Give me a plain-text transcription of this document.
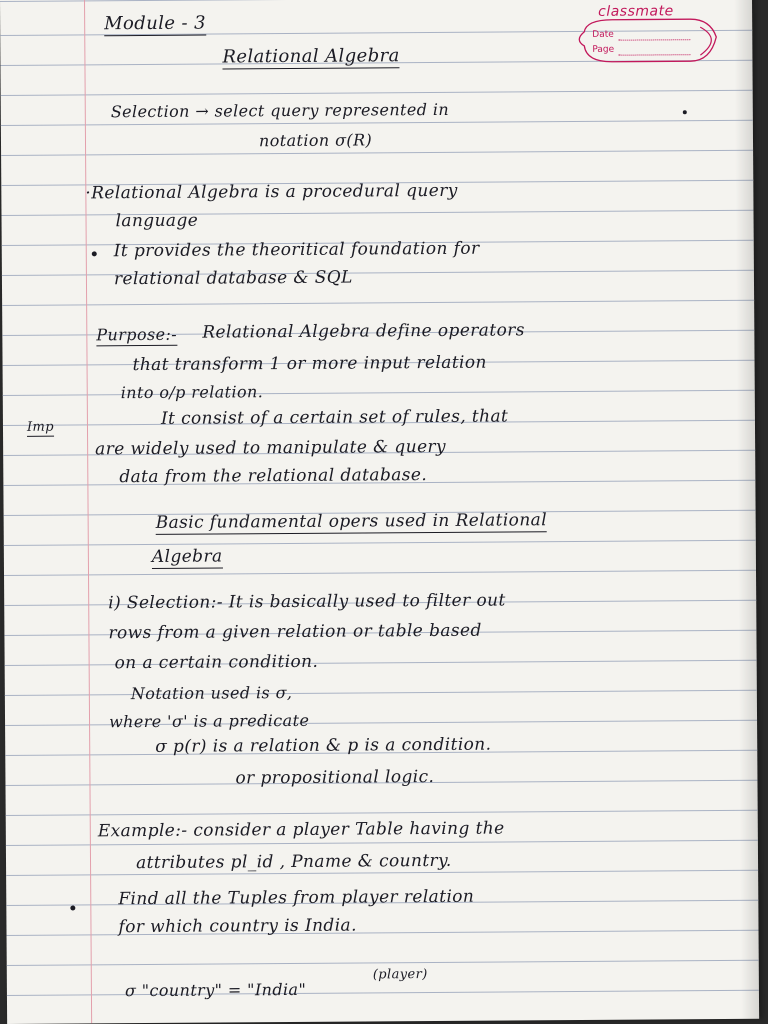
classmate
Date
Page
Module - 3
Relational Algebra
Selection → select query represented in
notation σ(R)
·Relational Algebra is a procedural query
language
It provides the theoritical foundation for
relational database & SQL
Purpose:- Relational Algebra define operators
that transform 1 or more input relation
into o/p relation.
Imp	It consist of a certain set of rules, that
are widely used to manipulate & query
data from the relational database.
Basic fundamental opers used in Relational
Algebra
i) Selection:- It is basically used to filter out
rows from a given relation or table based
on a certain condition.
Notation used is σ,
where 'σ' is a predicate
σ p(r) is a relation & p is a condition.
or propositional logic.
Example:- consider a player Table having the
attributes pl_id , Pname & country.
Find all the Tuples from player relation
for which country is India.
σ "country" = "India"
(player)
